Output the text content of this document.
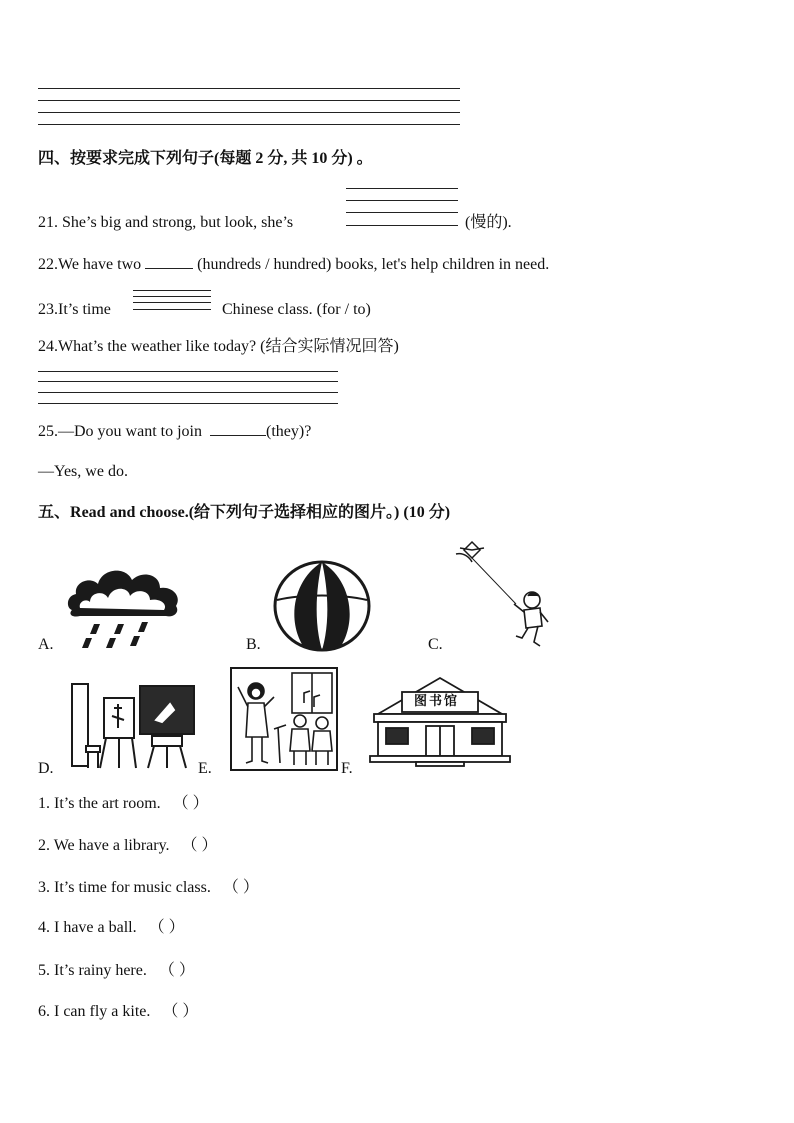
四、按要求完成下列句子(每题 2 分, 共 10 分) 。
21. She’s big and strong, but look, she’s	(慢的).
22.We have two	(hundreds / hundred) books, let's help children in need.
23.It’s time	Chinese class. (for / to)
24.What’s the weather like today? (结合实际情况回答)
25.—Do you want to join	(they)?
—Yes, we do.
五、Read and choose.(给下列句子选择相应的图片。) (10 分)
A.	B.	C.
D.	E.	F.
图书馆
1. It’s the art room. （ ）
2. We have a library. （ ）
3. It’s time for music class. （ ）
4. I have a ball. （ ）
5. It’s rainy here. （ ）
6. I can fly a kite. （ ）
